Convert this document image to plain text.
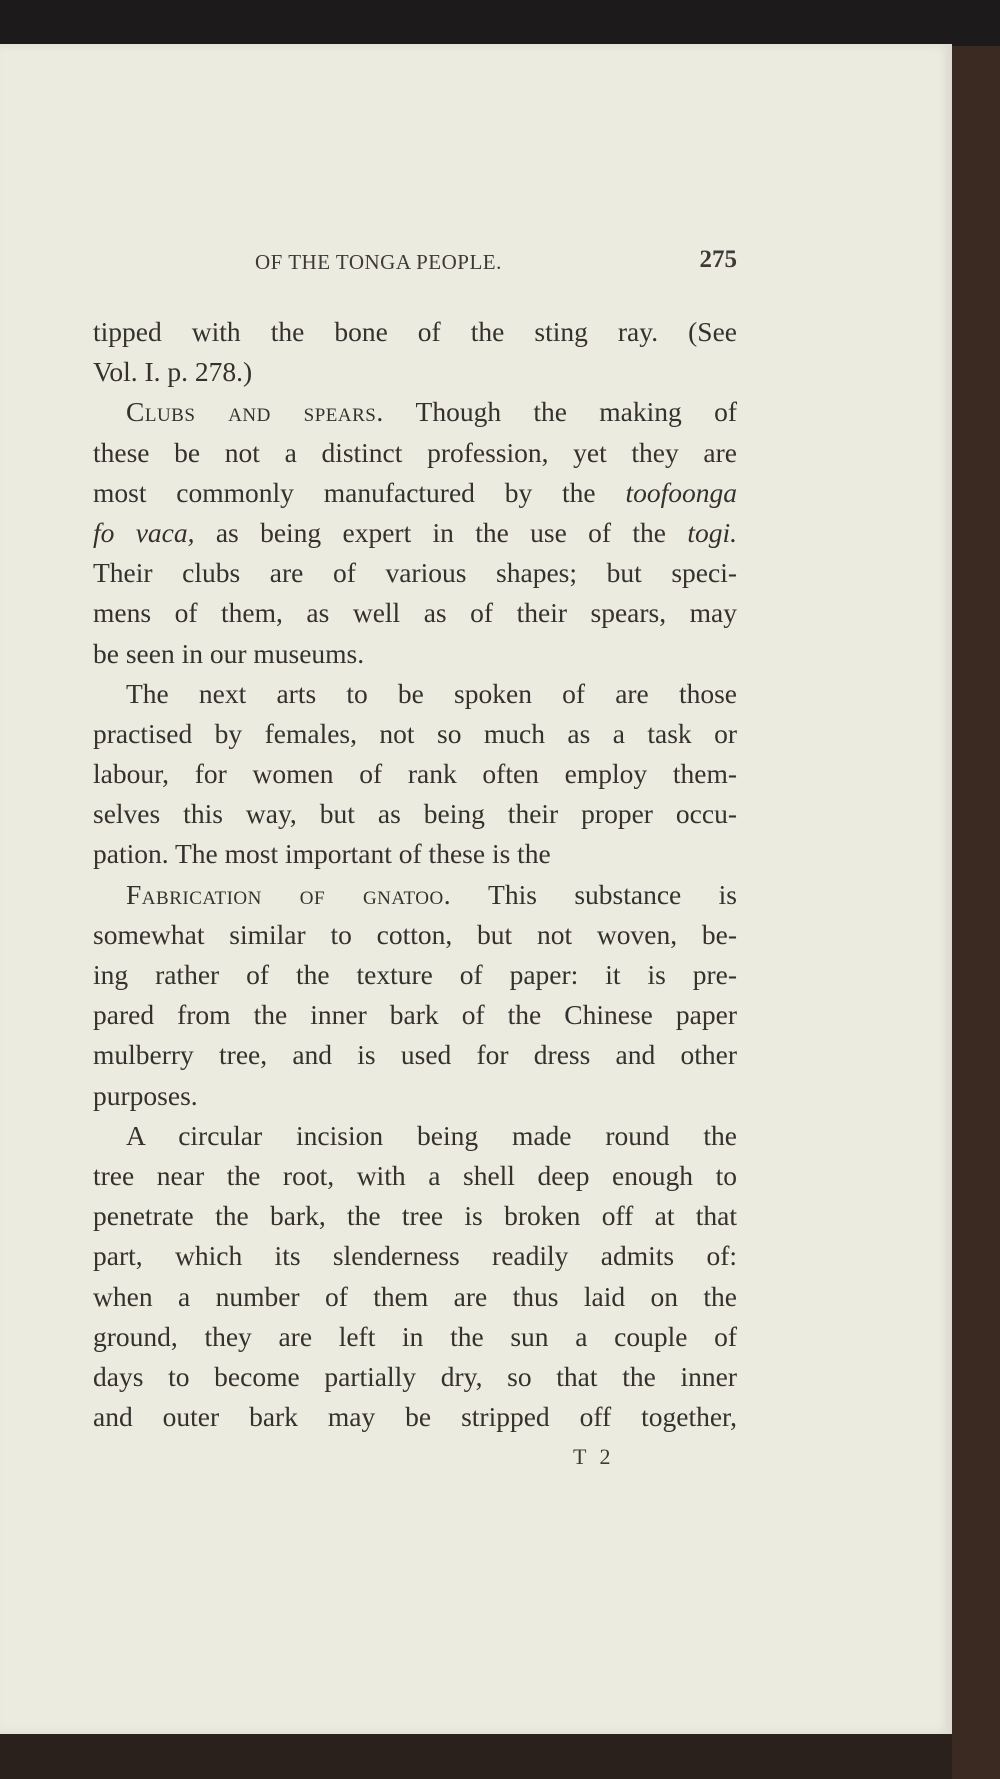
OF THE TONGA PEOPLE.	275
tipped with the bone of the sting ray. (See
Vol. I. p. 278.)
Clubs and spears. Though the making of
these be not a distinct profession, yet they are
most commonly manufactured by the toofoonga
fo vaca, as being expert in the use of the togi.
Their clubs are of various shapes; but speci-
mens of them, as well as of their spears, may
be seen in our museums.
The next arts to be spoken of are those
practised by females, not so much as a task or
labour, for women of rank often employ them-
selves this way, but as being their proper occu-
pation. The most important of these is the
Fabrication of gnatoo. This substance is
somewhat similar to cotton, but not woven, be-
ing rather of the texture of paper: it is pre-
pared from the inner bark of the Chinese paper
mulberry tree, and is used for dress and other
purposes.
A circular incision being made round the
tree near the root, with a shell deep enough to
penetrate the bark, the tree is broken off at that
part, which its slenderness readily admits of:
when a number of them are thus laid on the
ground, they are left in the sun a couple of
days to become partially dry, so that the inner
and outer bark may be stripped off together,
T 2
